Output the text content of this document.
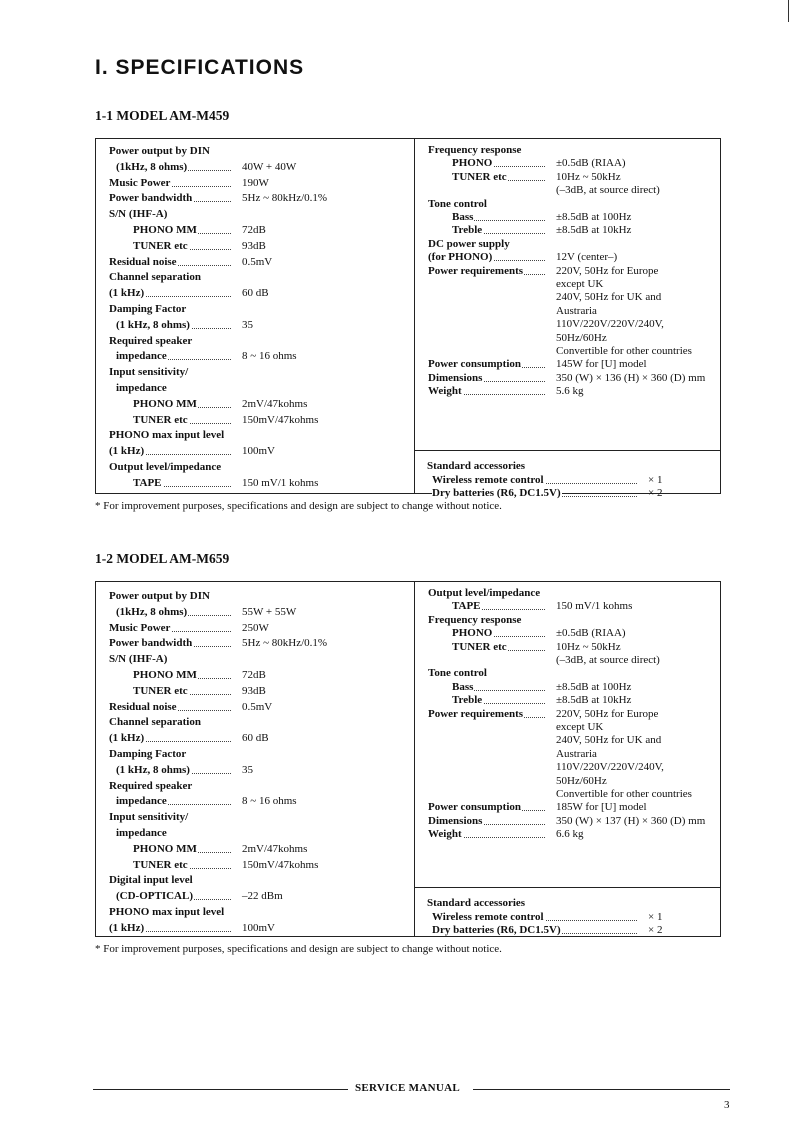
I. SPECIFICATIONS
1-1 MODEL AM-M459
Power output by DIN
(1kHz, 8 ohms)	40W + 40W
Music Power	190W
Power bandwidth	5Hz ~ 80kHz/0.1%
S/N (IHF-A)
PHONO MM	72dB
TUNER etc	93dB
Residual noise	0.5mV
Channel separation
(1 kHz)	60 dB
Damping Factor
(1 kHz, 8 ohms)	35
Required speaker
impedance	8 ~ 16 ohms
Input sensitivity/
impedance
PHONO MM	2mV/47kohms
TUNER etc	150mV/47kohms
PHONO max input level
(1 kHz)	100mV
Output level/impedance
TAPE	150 mV/1 kohms
Frequency response
PHONO	±0.5dB (RIAA)
TUNER etc	10Hz ~ 50kHz
(–3dB, at source direct)
Tone control
Bass	±8.5dB at 100Hz
Treble	±8.5dB at 10kHz
DC power supply
(for PHONO)	12V (center–)
Power requirements	220V, 50Hz for Europe
except UK
240V, 50Hz for UK and
Austraria
110V/220V/220V/240V,
50Hz/60Hz
Convertible for other countries
Power consumption	145W for [U] model
Dimensions	350 (W) × 136 (H) × 360 (D) mm
Weight	5.6 kg
Standard accessories
Wireless remote control	× 1
Dry batteries (R6, DC1.5V)	× 2

* For improvement purposes, specifications and design are subject to change without notice.

1-2 MODEL AM-M659
Power output by DIN
(1kHz, 8 ohms)	55W + 55W
Music Power	250W
Power bandwidth	5Hz ~ 80kHz/0.1%
S/N (IHF-A)
PHONO MM	72dB
TUNER etc	93dB
Residual noise	0.5mV
Channel separation
(1 kHz)	60 dB
Damping Factor
(1 kHz, 8 ohms)	35
Required speaker
impedance	8 ~ 16 ohms
Input sensitivity/
impedance
PHONO MM	2mV/47kohms
TUNER etc	150mV/47kohms
Digital input level
(CD-OPTICAL)	–22 dBm
PHONO max input level
(1 kHz)	100mV
Output level/impedance
TAPE	150 mV/1 kohms
Frequency response
PHONO	±0.5dB (RIAA)
TUNER etc	10Hz ~ 50kHz
(–3dB, at source direct)
Tone control
Bass	±8.5dB at 100Hz
Treble	±8.5dB at 10kHz
Power requirements	220V, 50Hz for Europe
except UK
240V, 50Hz for UK and
Austraria
110V/220V/220V/240V,
50Hz/60Hz
Convertible for other countries
Power consumption	185W for [U] model
Dimensions	350 (W) × 137 (H) × 360 (D) mm
Weight	6.6 kg
Standard accessories
Wireless remote control	× 1
Dry batteries (R6, DC1.5V)	× 2

* For improvement purposes, specifications and design are subject to change without notice.

SERVICE MANUAL
3
